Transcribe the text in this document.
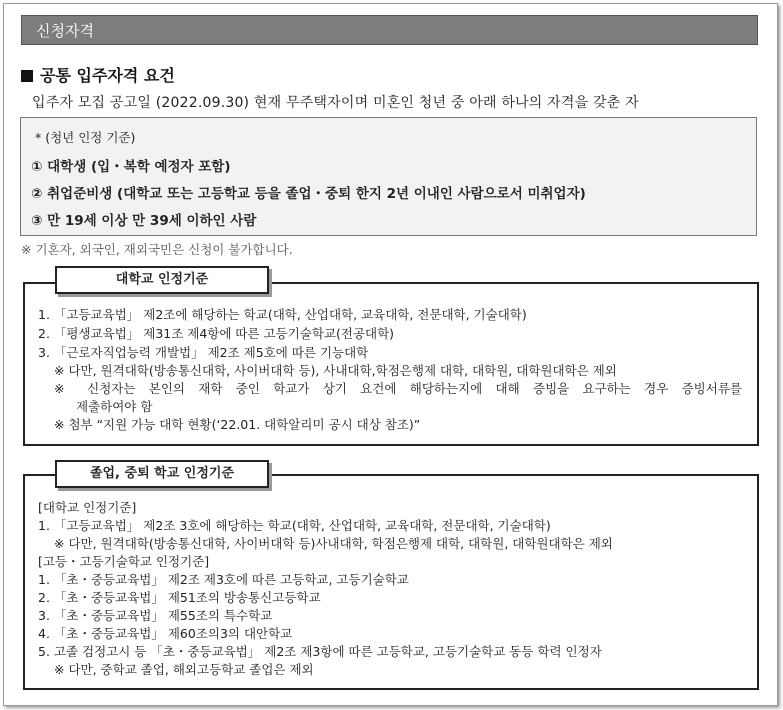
신청자격
공통 입주자격 요건
입주자 모집 공고일 (2022.09.30) 현재 무주택자이며 미혼인 청년 중 아래 하나의 자격을 갖춘 자
* (청년 인정 기준)
① 대학생 (입・복학 예정자 포함)
② 취업준비생 (대학교 또는 고등학교 등을 졸업・중퇴 한지 2년 이내인 사람으로서 미취업자)
③ 만 19세 이상 만 39세 이하인 사람
※ 기혼자, 외국인, 재외국민은 신청이 불가합니다.
대학교 인정기준
1. 「고등교육법」 제2조에 해당하는 학교(대학, 산업대학, 교육대학, 전문대학, 기술대학)
2. 「평생교육법」 제31조 제4항에 따른 고등기술학교(전공대학)
3. 「근로자직업능력 개발법」 제2조 제5호에 따른 기능대학
※ 다만, 원격대학(방송통신대학, 사이버대학 등), 사내대학,학점은행제 대학, 대학원, 대학원대학은 제외
※ 신청자는 본인의 재학 중인 학교가 상기 요건에 해당하는지에 대해 증빙을 요구하는 경우 증빙서류를
제출하여야 함
※ 첨부 “지원 가능 대학 현황(‘22.01. 대학알리미 공시 대상 참조)”
졸업, 중퇴 학교 인정기준
[대학교 인정기준]
1. 「고등교육법」 제2조 3호에 해당하는 학교(대학, 산업대학, 교육대학, 전문대학, 기술대학)
※ 다만, 원격대학(방송통신대학, 사이버대학 등)사내대학, 학점은행제 대학, 대학원, 대학원대학은 제외
[고등・고등기술학교 인정기준]
1. 「초・중등교육법」 제2조 제3호에 따른 고등학교, 고등기술학교
2. 「초・중등교육법」 제51조의 방송통신고등학교
3. 「초・중등교육법」 제55조의 특수학교
4. 「초・중등교육법」 제60조의3의 대안학교
5. 고졸 검정고시 등 「초・중등교육법」 제2조 제3항에 따른 고등학교, 고등기술학교 동등 학력 인정자
※ 다만, 중학교 졸업, 해외고등학교 졸업은 제외
